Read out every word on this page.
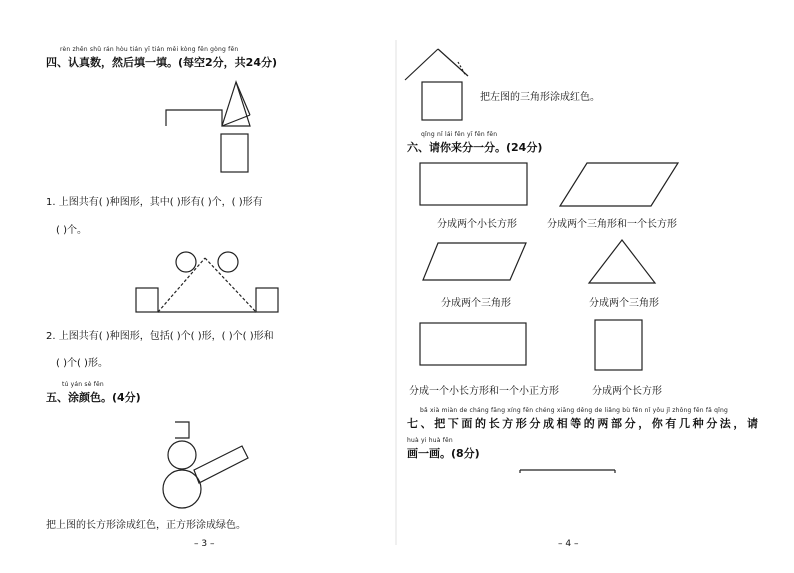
rèn zhēn shǔ rán hòu tián yī tián měi kòng fēn gòng fēn
四、认真数，然后填一填。(每空2分，共24分)
1. 上图共有( )种图形，其中( )形有( )个，( )形有
( )个。
2. 上图共有( )种图形，包括( )个( )形，( )个( )形和
( )个( )形。
tú yán sè fēn
五、涂颜色。(4分)
把上图的长方形涂成红色，正方形涂成绿色。
– 3 –
把左图的三角形涂成红色。
qǐng nǐ lái fēn yī fēn fēn
六、请你来分一分。(24分)
分成两个小长方形	分成两个三角形和一个长方形
分成两个三角形	分成两个三角形
分成一个小长方形和一个小正方形	分成两个长方形
bǎ xià miàn de cháng fāng xíng fēn chéng xiāng děng de liǎng bù fēn nǐ yǒu jǐ zhǒng fēn fǎ qǐng
七、把下面的长方形分成相等的两部分，你有几种分法，请
huà yi huà fēn
画一画。(8分)
– 4 –
